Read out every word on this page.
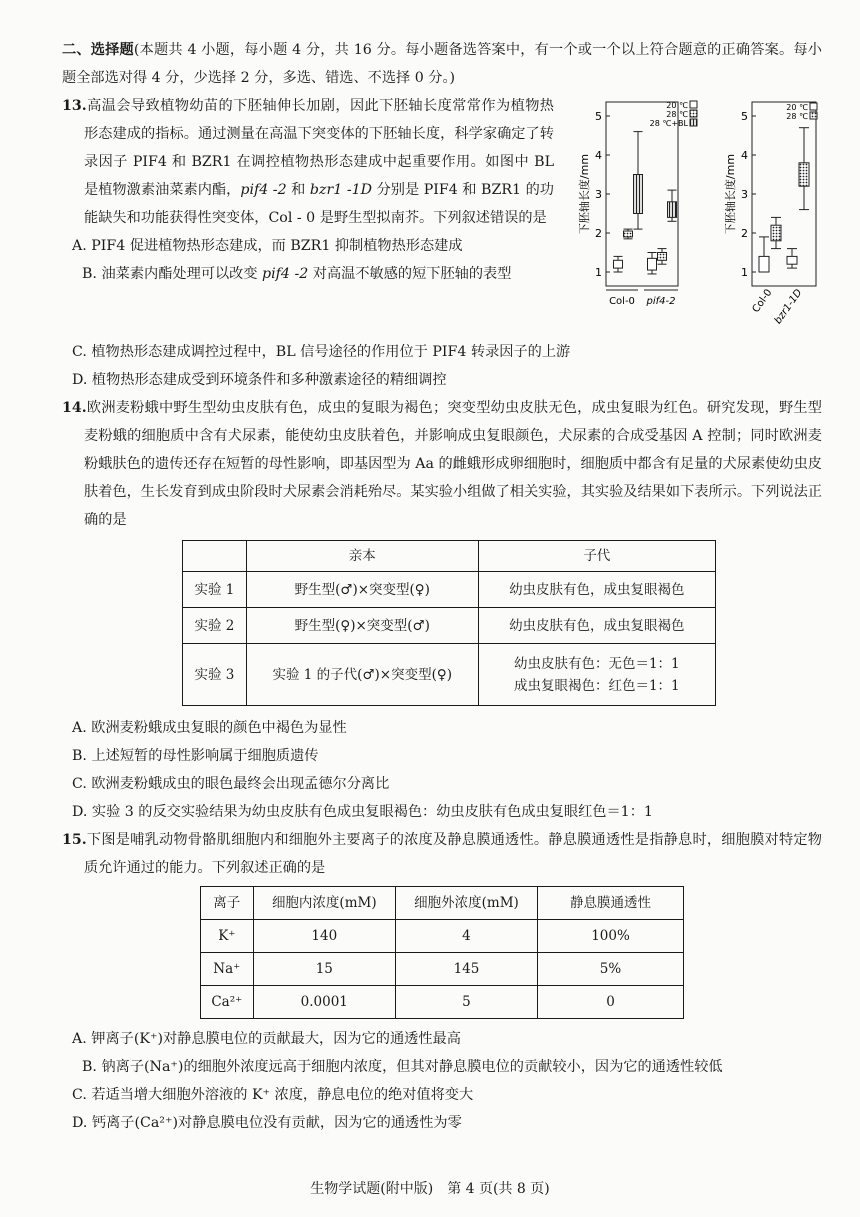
二、选择题(本题共 4 小题，每小题 4 分，共 16 分。每小题备选答案中，有一个或一个以上符合题意的正确答案。每小题全部选对得 4 分，少选择 2 分，多选、错选、不选择 0 分。)

13.高温会导致植物幼苗的下胚轴伸长加剧，因此下胚轴长度常常作为植物热形态建成的指标。通过测量在高温下突变体的下胚轴长度，科学家确定了转录因子 PIF4 和 BZR1 在调控植物热形态建成中起重要作用。如图中 BL 是植物激素油菜素内酯，pif4 -2 和 bzr1 -1D 分别是 PIF4 和 BZR1 的功能缺失和功能获得性突变体，Col - 0 是野生型拟南芥。下列叙述错误的是

A. PIF4 促进植物热形态建成，而 BZR1 抑制植物热形态建成

B. 油菜素内酯处理可以改变 pif4 -2 对高温不敏感的短下胚轴的表型	1
2
3
4
5
下胚轴长度/mm
20 ℃
28 ℃
28 ℃+BL
Col-0 pif4-2
1
2
3
4
5
下胚轴长度/mm
20 ℃
28 ℃
Col-0
bzr1-1D

C. 植物热形态建成调控过程中，BL 信号途径的作用位于 PIF4 转录因子的上游

D. 植物热形态建成受到环境条件和多种激素途径的精细调控

14.欧洲麦粉蛾中野生型幼虫皮肤有色，成虫的复眼为褐色；突变型幼虫皮肤无色，成虫复眼为红色。研究发现，野生型麦粉蛾的细胞质中含有犬尿素，能使幼虫皮肤着色，并影响成虫复眼颜色，犬尿素的合成受基因 A 控制；同时欧洲麦粉蛾肤色的遗传还存在短暂的母性影响，即基因型为 Aa 的雌蛾形成卵细胞时，细胞质中都含有足量的犬尿素使幼虫皮肤着色，生长发育到成虫阶段时犬尿素会消耗殆尽。某实验小组做了相关实验，其实验及结果如下表所示。下列说法正确的是

	亲本	子代
实验 1	野生型(♂)×突变型(♀)	幼虫皮肤有色，成虫复眼褐色
实验 2	野生型(♀)×突变型(♂)	幼虫皮肤有色，成虫复眼褐色
实验 3	实验 1 的子代(♂)×突变型(♀)	幼虫皮肤有色：无色＝1：1
成虫复眼褐色：红色＝1：1

A. 欧洲麦粉蛾成虫复眼的颜色中褐色为显性

B. 上述短暂的母性影响属于细胞质遗传

C. 欧洲麦粉蛾成虫的眼色最终会出现孟德尔分离比

D. 实验 3 的反交实验结果为幼虫皮肤有色成虫复眼褐色：幼虫皮肤有色成虫复眼红色＝1：1

15.下图是哺乳动物骨骼肌细胞内和细胞外主要离子的浓度及静息膜通透性。静息膜通透性是指静息时，细胞膜对特定物质允许通过的能力。下列叙述正确的是

离子	细胞内浓度(mM)	细胞外浓度(mM)	静息膜通透性
K⁺	140	4	100%
Na⁺	15	145	5%
Ca²⁺	0.0001	5	0

A. 钾离子(K⁺)对静息膜电位的贡献最大，因为它的通透性最高

B. 钠离子(Na⁺)的细胞外浓度远高于细胞内浓度，但其对静息膜电位的贡献较小，因为它的通透性较低

C. 若适当增大细胞外溶液的 K⁺ 浓度，静息电位的绝对值将变大

D. 钙离子(Ca²⁺)对静息膜电位没有贡献，因为它的通透性为零

生物学试题(附中版)　第 4 页(共 8 页)
